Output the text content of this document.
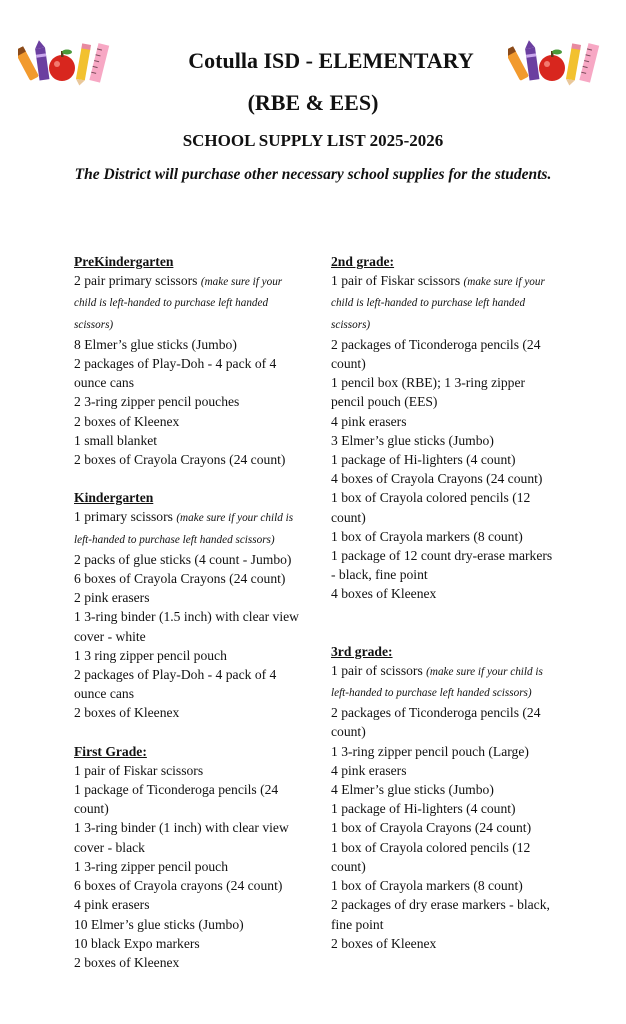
Cotulla ISD - ELEMENTARY
(RBE & EES)
SCHOOL SUPPLY LIST 2025-2026
The District will purchase other necessary school supplies for the students.
PreKindergarten
2 pair primary scissors (make sure if your child is left-handed to purchase left handed scissors)
8 Elmer’s glue sticks (Jumbo)
2 packages of Play-Doh - 4 pack of 4 ounce cans
2 3-ring zipper pencil pouches
2 boxes of Kleenex
1 small blanket
2 boxes of Crayola Crayons (24 count)
Kindergarten
1 primary scissors (make sure if your child is left-handed to purchase left handed scissors)
2 packs of glue sticks (4 count - Jumbo)
6 boxes of Crayola Crayons (24 count)
2 pink erasers
1 3-ring binder (1.5 inch) with clear view cover - white
1 3 ring zipper pencil pouch
2 packages of Play-Doh - 4 pack of 4 ounce cans
2 boxes of Kleenex
First Grade:
1 pair of Fiskar scissors
1 package of Ticonderoga pencils (24 count)
1 3-ring binder (1 inch) with clear view cover - black
1 3-ring zipper pencil pouch
6 boxes of Crayola crayons (24 count)
4 pink erasers
10 Elmer’s glue sticks (Jumbo)
10 black Expo markers
2 boxes of Kleenex
2nd grade:
1 pair of Fiskar scissors (make sure if your child is left-handed to purchase left handed scissors)
2 packages of Ticonderoga pencils (24 count)
1 pencil box (RBE); 1 3-ring zipper pencil pouch (EES)
4 pink erasers
3 Elmer’s glue sticks (Jumbo)
1 package of Hi-lighters (4 count)
4 boxes of Crayola Crayons (24 count)
1 box of Crayola colored pencils (12 count)
1 box of Crayola markers (8 count)
1 package of 12 count dry-erase markers - black, fine point
4 boxes of Kleenex
3rd grade:
1 pair of scissors (make sure if your child is left-handed to purchase left handed scissors)
2 packages of Ticonderoga pencils (24 count)
1 3-ring zipper pencil pouch (Large)
4 pink erasers
4 Elmer’s glue sticks (Jumbo)
1 package of Hi-lighters (4 count)
1 box of Crayola Crayons (24 count)
1 box of Crayola colored pencils (12 count)
1 box of Crayola markers (8 count)
2 packages of dry erase markers - black, fine point
2 boxes of Kleenex
